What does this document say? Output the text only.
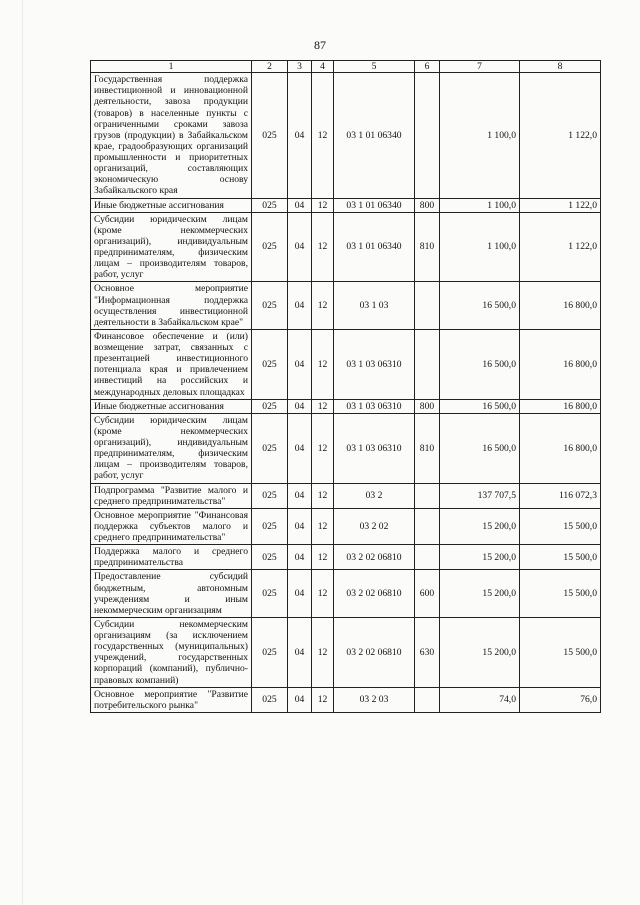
87
1	2	3	4	5	6	7	8
Государственная поддержка инвестиционной и инновационной деятельности, завоза продукции (товаров) в населенные пункты с ограниченными сроками завоза грузов (продукции) в Забайкальском крае, градообразующих организаций промышленности и приоритетных организаций, составляющих экономическую основу Забайкальского края	025	04	12	03 1 01 06340		1 100,0	1 122,0
Иные бюджетные ассигнования	025	04	12	03 1 01 06340	800	1 100,0	1 122,0
Субсидии юридическим лицам (кроме некоммерческих организаций), индивидуальным предпринимателям, физическим лицам – производителям товаров, работ, услуг	025	04	12	03 1 01 06340	810	1 100,0	1 122,0
Основное мероприятие "Информационная поддержка осуществления инвестиционной деятельности в Забайкальском крае"	025	04	12	03 1 03		16 500,0	16 800,0
Финансовое обеспечение и (или) возмещение затрат, связанных с презентацией инвестиционного потенциала края и привлечением инвестиций на российских и международных деловых площадках	025	04	12	03 1 03 06310		16 500,0	16 800,0
Иные бюджетные ассигнования	025	04	12	03 1 03 06310	800	16 500,0	16 800,0
Субсидии юридическим лицам (кроме некоммерческих организаций), индивидуальным предпринимателям, физическим лицам – производителям товаров, работ, услуг	025	04	12	03 1 03 06310	810	16 500,0	16 800,0
Подпрограмма "Развитие малого и среднего предпринимательства"	025	04	12	03 2		137 707,5	116 072,3
Основное мероприятие "Финансовая поддержка субъектов малого и среднего предпринимательства"	025	04	12	03 2 02		15 200,0	15 500,0
Поддержка малого и среднего предпринимательства	025	04	12	03 2 02 06810		15 200,0	15 500,0
Предоставление субсидий бюджетным, автономным учреждениям и иным некоммерческим организациям	025	04	12	03 2 02 06810	600	15 200,0	15 500,0
Субсидии некоммерческим организациям (за исключением государственных (муниципальных) учреждений, государственных корпораций (компаний), публично-правовых компаний)	025	04	12	03 2 02 06810	630	15 200,0	15 500,0
Основное мероприятие "Развитие потребительского рынка"	025	04	12	03 2 03		74,0	76,0
